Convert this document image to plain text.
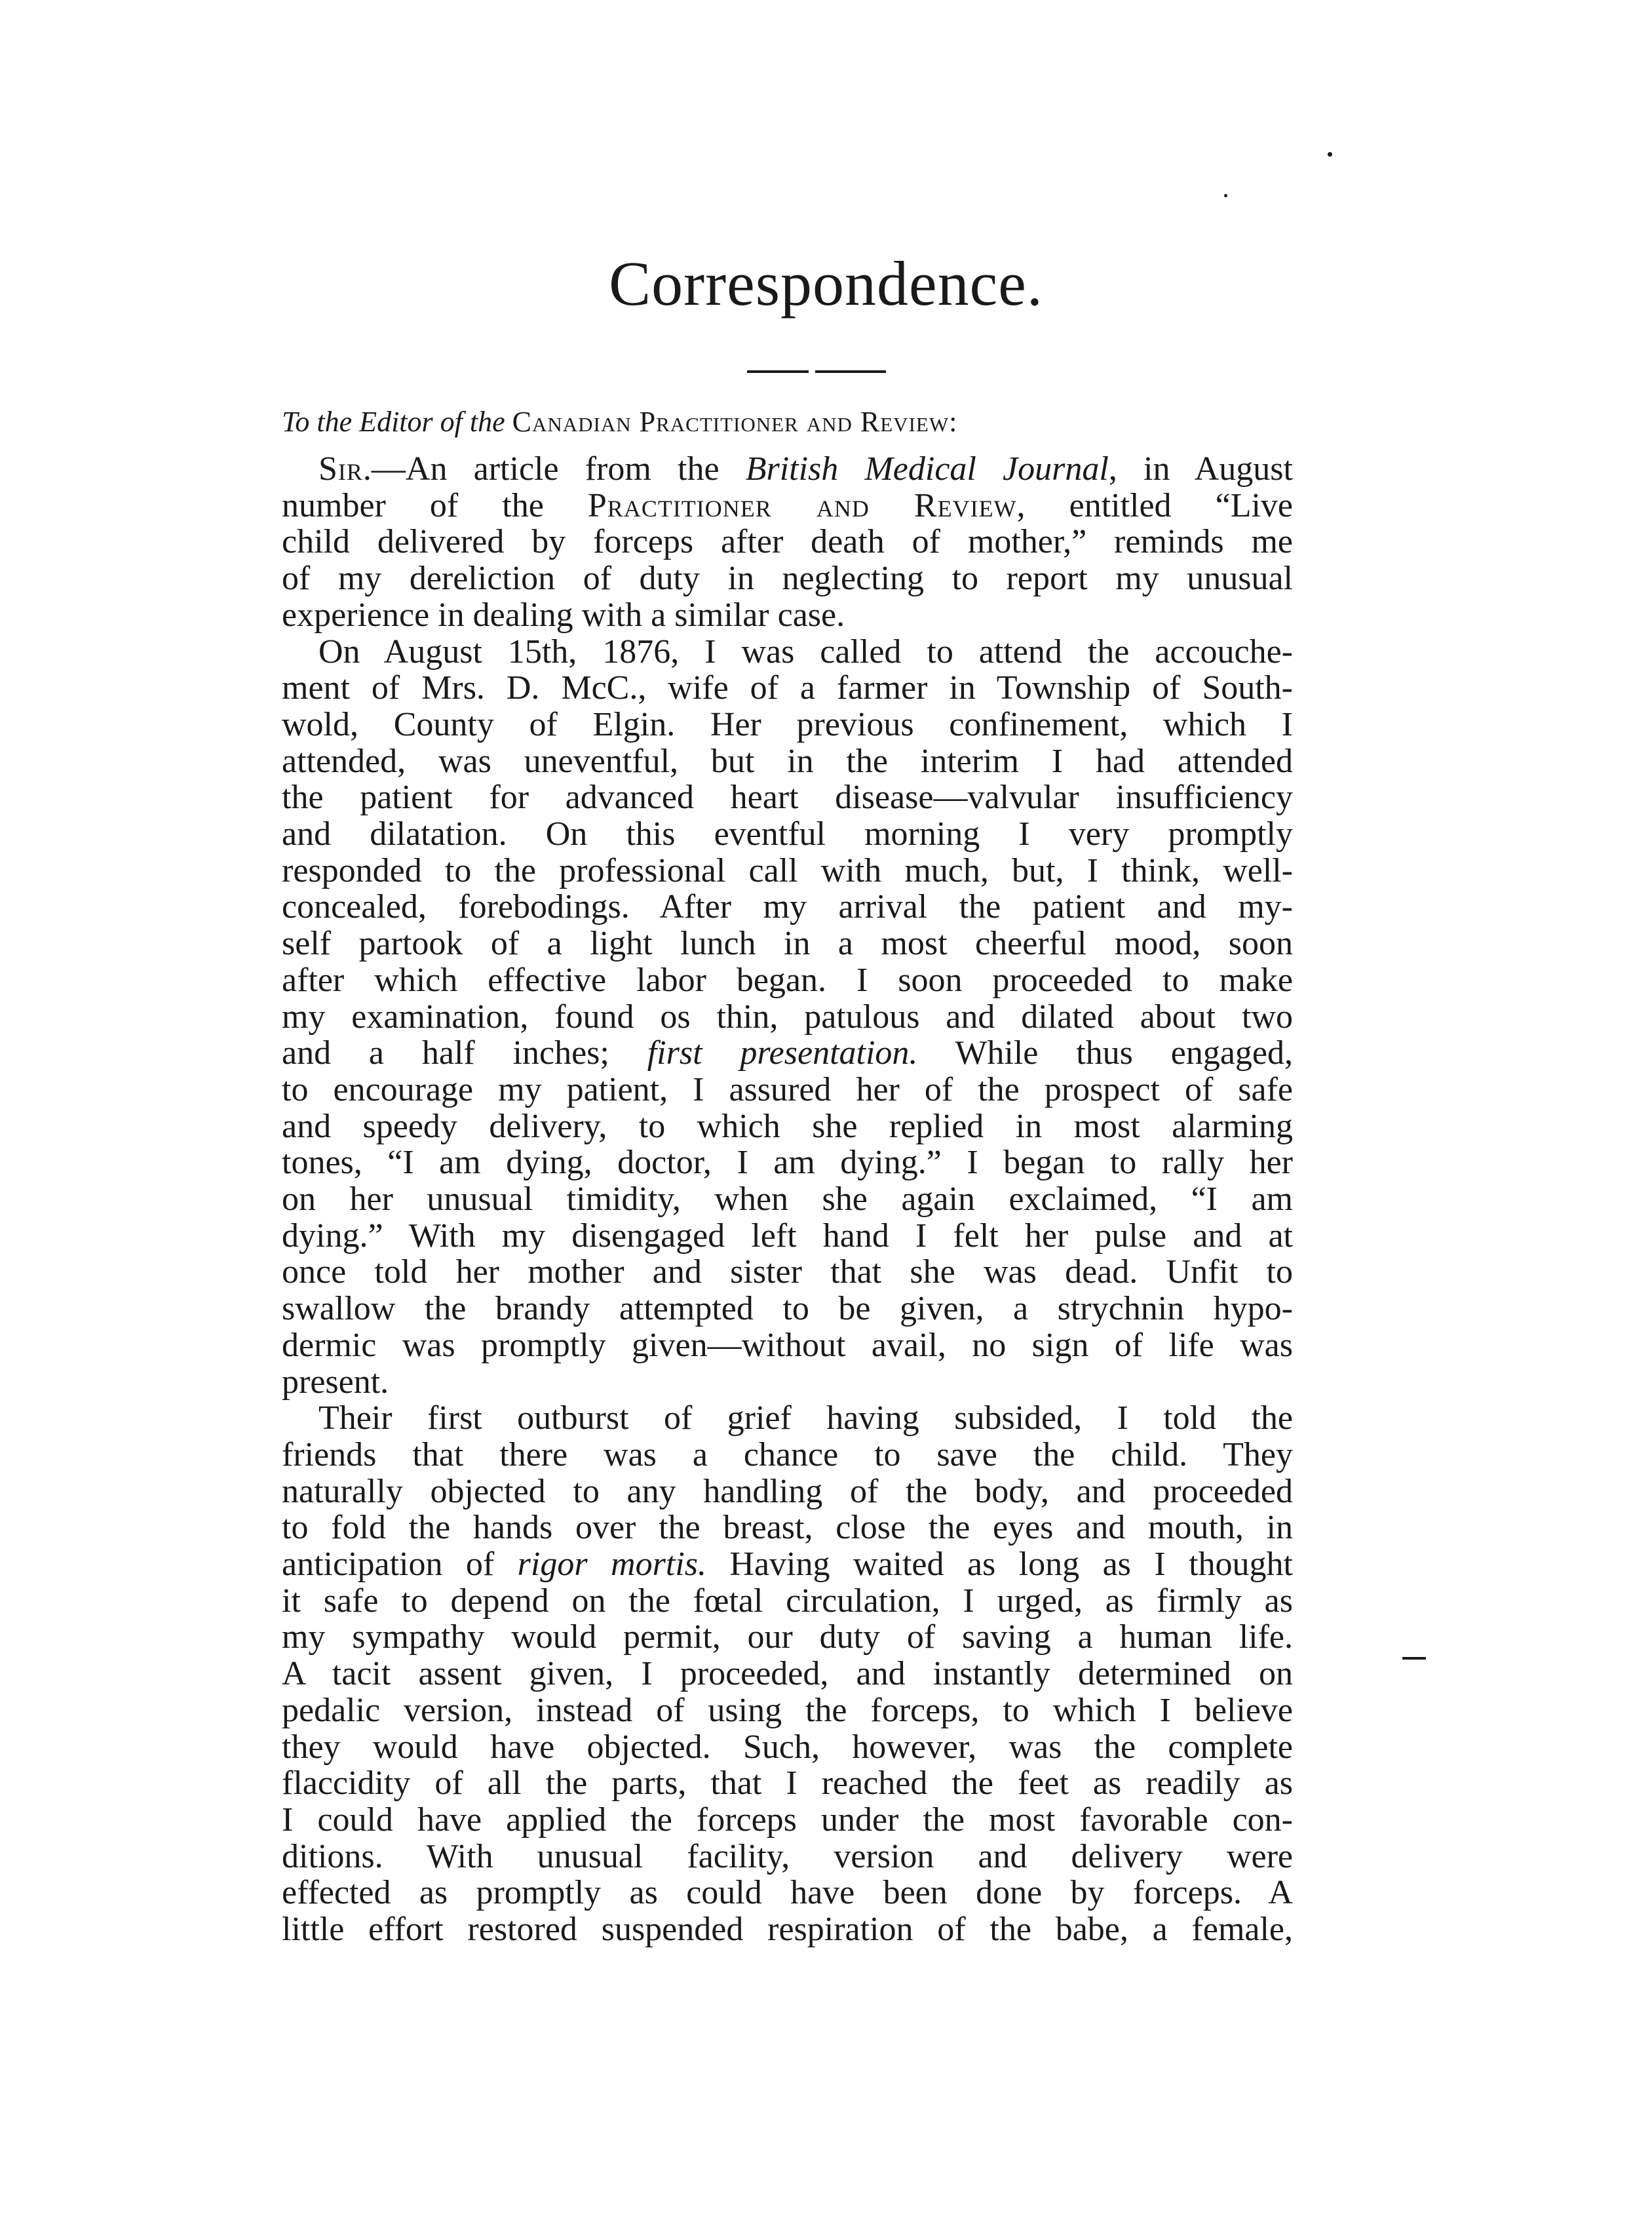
Correspondence.
To the Editor of the Canadian Practitioner and Review:
Sir.—An article from the British Medical Journal, in August
number of the Practitioner and Review, entitled “Live
child delivered by forceps after death of mother,” reminds me
of my dereliction of duty in neglecting to report my unusual
experience in dealing with a similar case.
On August 15th, 1876, I was called to attend the accouche-
ment of Mrs. D. McC., wife of a farmer in Township of South-
wold, County of Elgin. Her previous confinement, which I
attended, was uneventful, but in the interim I had attended
the patient for advanced heart disease—valvular insufficiency
and dilatation. On this eventful morning I very promptly
responded to the professional call with much, but, I think, well-
concealed, forebodings. After my arrival the patient and my-
self partook of a light lunch in a most cheerful mood, soon
after which effective labor began. I soon proceeded to make
my examination, found os thin, patulous and dilated about two
and a half inches; first presentation. While thus engaged,
to encourage my patient, I assured her of the prospect of safe
and speedy delivery, to which she replied in most alarming
tones, “I am dying, doctor, I am dying.” I began to rally her
on her unusual timidity, when she again exclaimed, “I am
dying.” With my disengaged left hand I felt her pulse and at
once told her mother and sister that she was dead. Unfit to
swallow the brandy attempted to be given, a strychnin hypo-
dermic was promptly given—without avail, no sign of life was
present.
Their first outburst of grief having subsided, I told the
friends that there was a chance to save the child. They
naturally objected to any handling of the body, and proceeded
to fold the hands over the breast, close the eyes and mouth, in
anticipation of rigor mortis. Having waited as long as I thought
it safe to depend on the fœtal circulation, I urged, as firmly as
my sympathy would permit, our duty of saving a human life.
A tacit assent given, I proceeded, and instantly determined on
pedalic version, instead of using the forceps, to which I believe
they would have objected. Such, however, was the complete
flaccidity of all the parts, that I reached the feet as readily as
I could have applied the forceps under the most favorable con-
ditions. With unusual facility, version and delivery were
effected as promptly as could have been done by forceps. A
little effort restored suspended respiration of the babe, a female,
